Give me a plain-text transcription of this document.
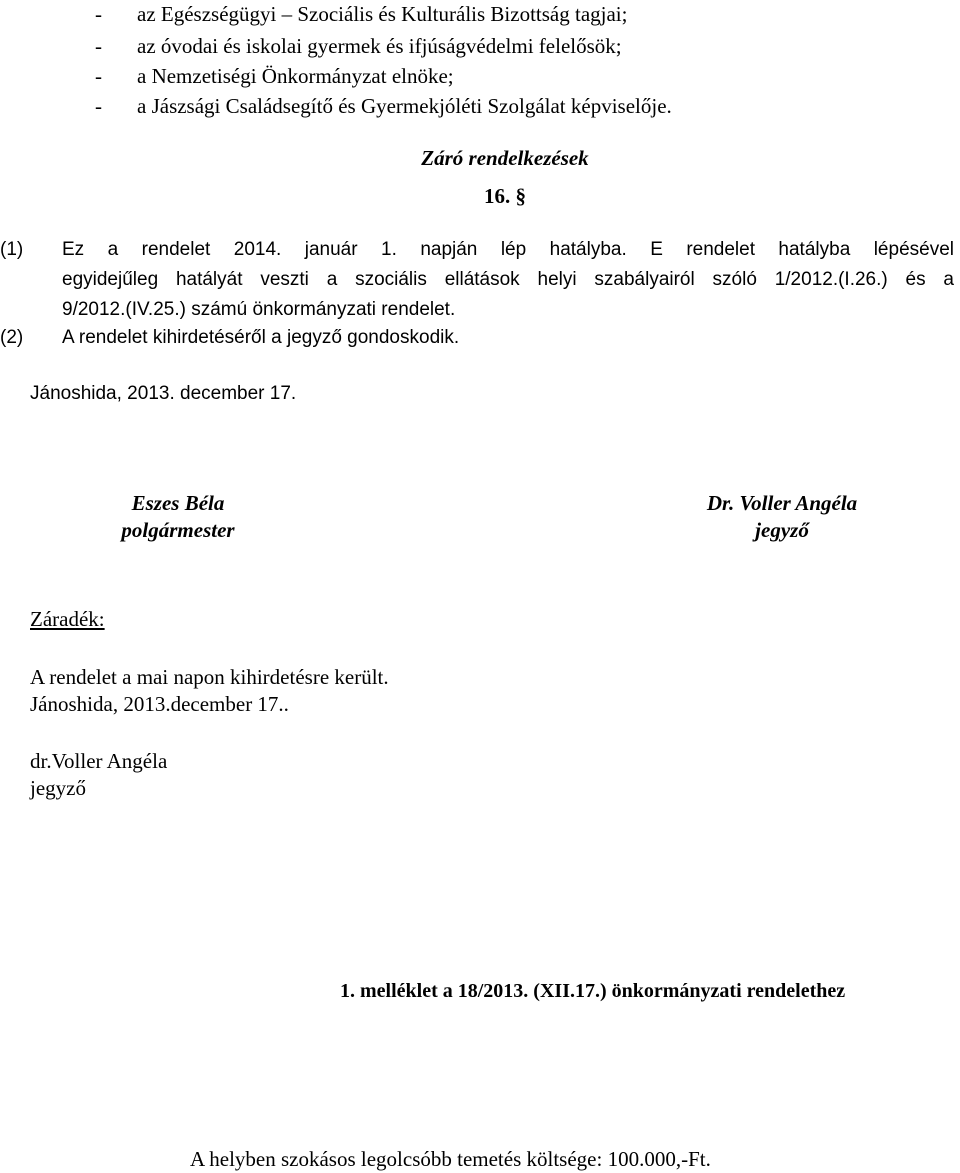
- az Egészségügyi – Szociális és Kulturális Bizottság tagjai;
- az óvodai és iskolai gyermek és ifjúságvédelmi felelősök;
- a Nemzetiségi Önkormányzat elnöke;
- a Jászsági Családsegítő és Gyermekjóléti Szolgálat képviselője.
Záró rendelkezések
16. §
(1) Ez a rendelet 2014. január 1. napján lép hatályba. E rendelet hatályba lépésével
egyidejűleg hatályát veszti a szociális ellátások helyi szabályairól szóló 1/2012.(I.26.) és a
9/2012.(IV.25.) számú önkormányzati rendelet.
(2) A rendelet kihirdetéséről a jegyző gondoskodik.
Jánoshida, 2013. december 17.
Eszes Béla
polgármester
Dr. Voller Angéla
jegyző
Záradék:
A rendelet a mai napon kihirdetésre került.
Jánoshida, 2013.december 17..
dr.Voller Angéla
jegyző
1. melléklet a 18/2013. (XII.17.) önkormányzati rendelethez
A helyben szokásos legolcsóbb temetés költsége: 100.000,-Ft.
